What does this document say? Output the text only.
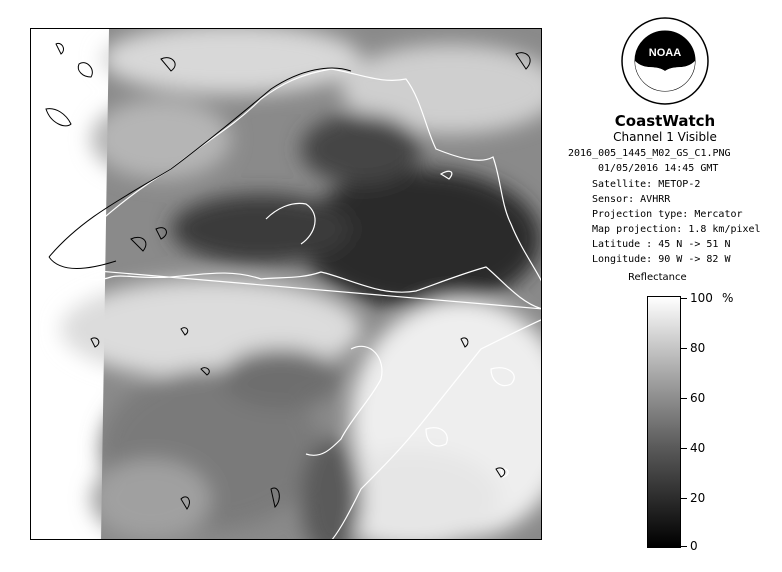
NOAA
CoastWatch
Channel 1 Visible
2016_005_1445_M02_GS_C1.PNG
01/05/2016 14:45 GMT
Satellite: METOP-2
Sensor: AVHRR
Projection type: Mercator
Map projection: 1.8 km/pixel
Latitude : 45 N -> 51 N
Longitude: 90 W -> 82 W
Reflectance
%
100
80
60
40
20
0
